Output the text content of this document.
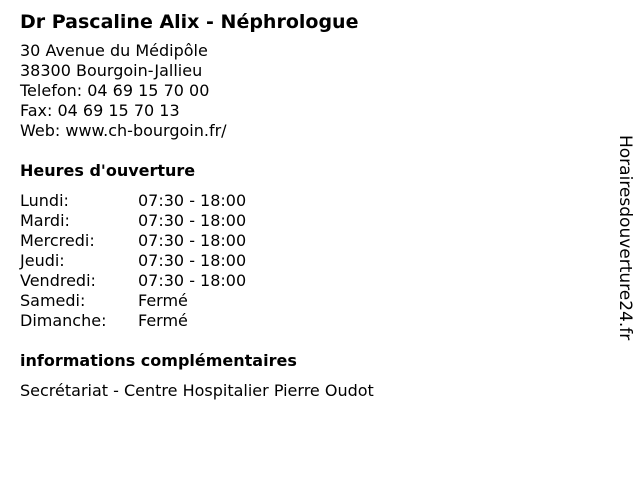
Dr Pascaline Alix - Néphrologue
30 Avenue du Médipôle
38300 Bourgoin-Jallieu
Telefon: 04 69 15 70 00
Fax: 04 69 15 70 13
Web: www.ch-bourgoin.fr/
Heures d'ouverture
Lundi:	07:30 - 18:00
Mardi:	07:30 - 18:00
Mercredi:	07:30 - 18:00
Jeudi:	07:30 - 18:00
Vendredi:	07:30 - 18:00
Samedi:	Fermé
Dimanche:	Fermé
informations complémentaires
Secrétariat - Centre Hospitalier Pierre Oudot
Horairesdouverture24.fr
